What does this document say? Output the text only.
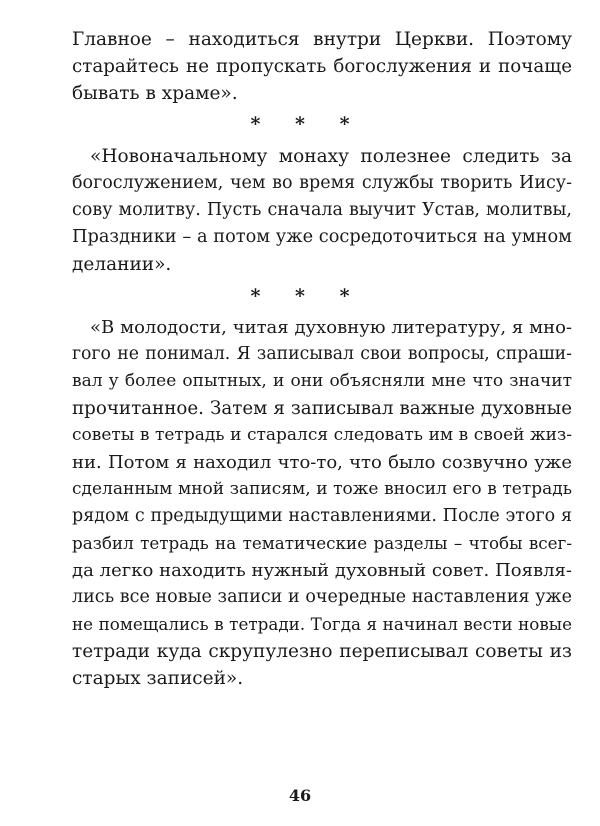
Главное – находиться внутри Церкви. Поэтому
старайтесь не пропускать богослужения и почаще
бывать в храме».
* * *
«Новоначальному монаху полезнее следить за
богослужением, чем во время службы творить Иису-
сову молитву. Пусть сначала выучит Устав, молитвы,
Праздники – а потом уже сосредоточиться на умном
делании».
* * *
«В молодости, читая духовную литературу, я мно-
гого не понимал. Я записывал свои вопросы, спраши-
вал у более опытных, и они объясняли мне что значит
прочитанное. Затем я записывал важные духовные
советы в тетрадь и старался следовать им в своей жиз-
ни. Потом я находил что-то, что было созвучно уже
сделанным мной записям, и тоже вносил его в тетрадь
рядом с предыдущими наставлениями. После этого я
разбил тетрадь на тематические разделы – чтобы всег-
да легко находить нужный духовный совет. Появля-
лись все новые записи и очередные наставления уже
не помещались в тетради. Тогда я начинал вести новые
тетради куда скрупулезно переписывал советы из
старых записей».
46
